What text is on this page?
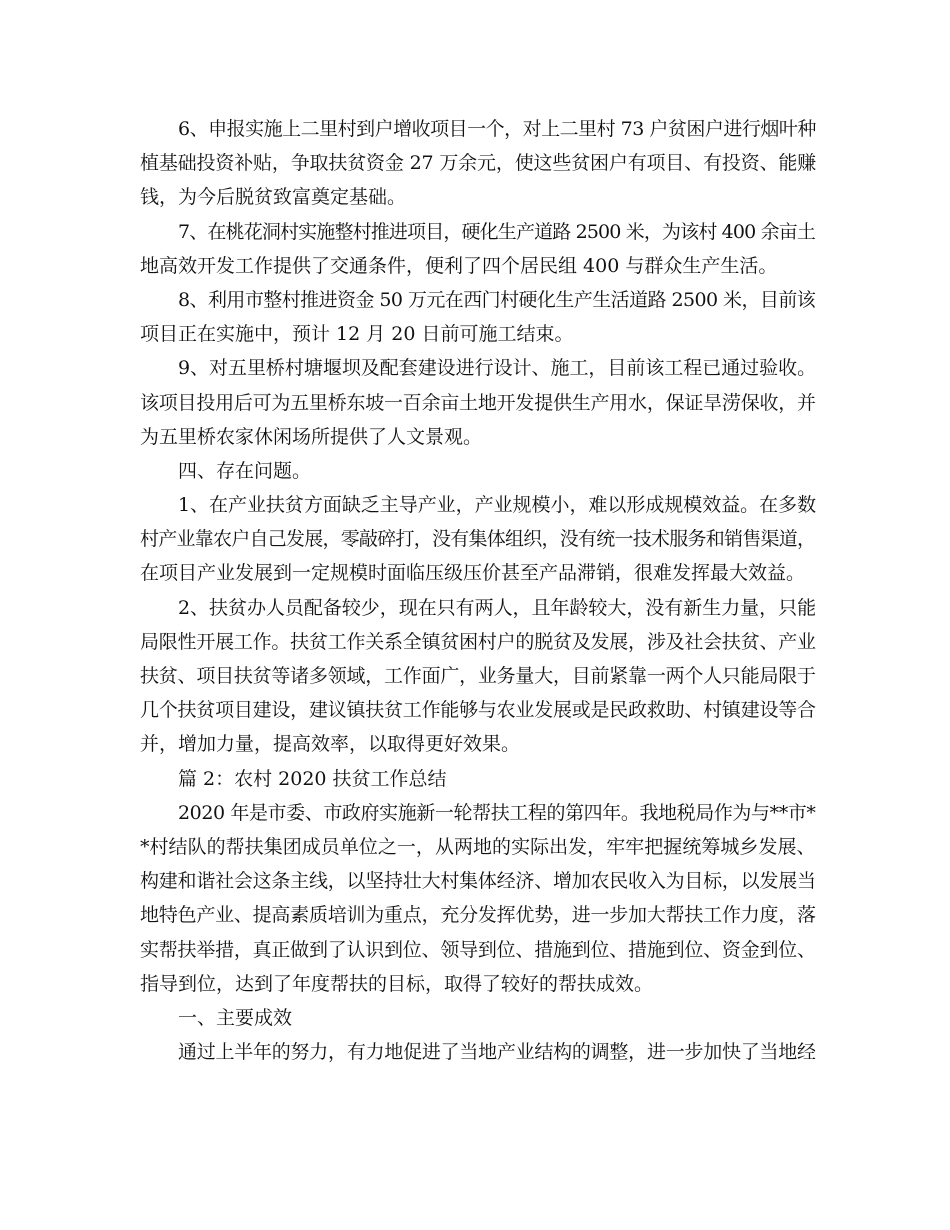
6、申报实施上二里村到户增收项目一个，对上二里村 73 户贫困户进行烟叶种
植基础投资补贴，争取扶贫资金 27 万余元，使这些贫困户有项目、有投资、能赚
钱，为今后脱贫致富奠定基础。
7、在桃花洞村实施整村推进项目，硬化生产道路 2500 米，为该村 400 余亩土
地高效开发工作提供了交通条件，便利了四个居民组 400 与群众生产生活。
8、利用市整村推进资金 50 万元在西门村硬化生产生活道路 2500 米，目前该
项目正在实施中，预计 12 月 20 日前可施工结束。
9、对五里桥村塘堰坝及配套建设进行设计、施工，目前该工程已通过验收。
该项目投用后可为五里桥东坡一百余亩土地开发提供生产用水，保证旱涝保收，并
为五里桥农家休闲场所提供了人文景观。
四、存在问题。
1、在产业扶贫方面缺乏主导产业，产业规模小，难以形成规模效益。在多数
村产业靠农户自己发展，零敲碎打，没有集体组织，没有统一技术服务和销售渠道，
在项目产业发展到一定规模时面临压级压价甚至产品滞销，很难发挥最大效益。
2、扶贫办人员配备较少，现在只有两人，且年龄较大，没有新生力量，只能
局限性开展工作。扶贫工作关系全镇贫困村户的脱贫及发展，涉及社会扶贫、产业
扶贫、项目扶贫等诸多领域，工作面广，业务量大，目前紧靠一两个人只能局限于
几个扶贫项目建设，建议镇扶贫工作能够与农业发展或是民政救助、村镇建设等合
并，增加力量，提高效率，以取得更好效果。
篇 2：农村 2020 扶贫工作总结
2020 年是市委、市政府实施新一轮帮扶工程的第四年。我地税局作为与**市*
*村结队的帮扶集团成员单位之一，从两地的实际出发，牢牢把握统筹城乡发展、
构建和谐社会这条主线，以坚持壮大村集体经济、增加农民收入为目标，以发展当
地特色产业、提高素质培训为重点，充分发挥优势，进一步加大帮扶工作力度，落
实帮扶举措，真正做到了认识到位、领导到位、措施到位、措施到位、资金到位、
指导到位，达到了年度帮扶的目标，取得了较好的帮扶成效。
一、主要成效
通过上半年的努力，有力地促进了当地产业结构的调整，进一步加快了当地经
